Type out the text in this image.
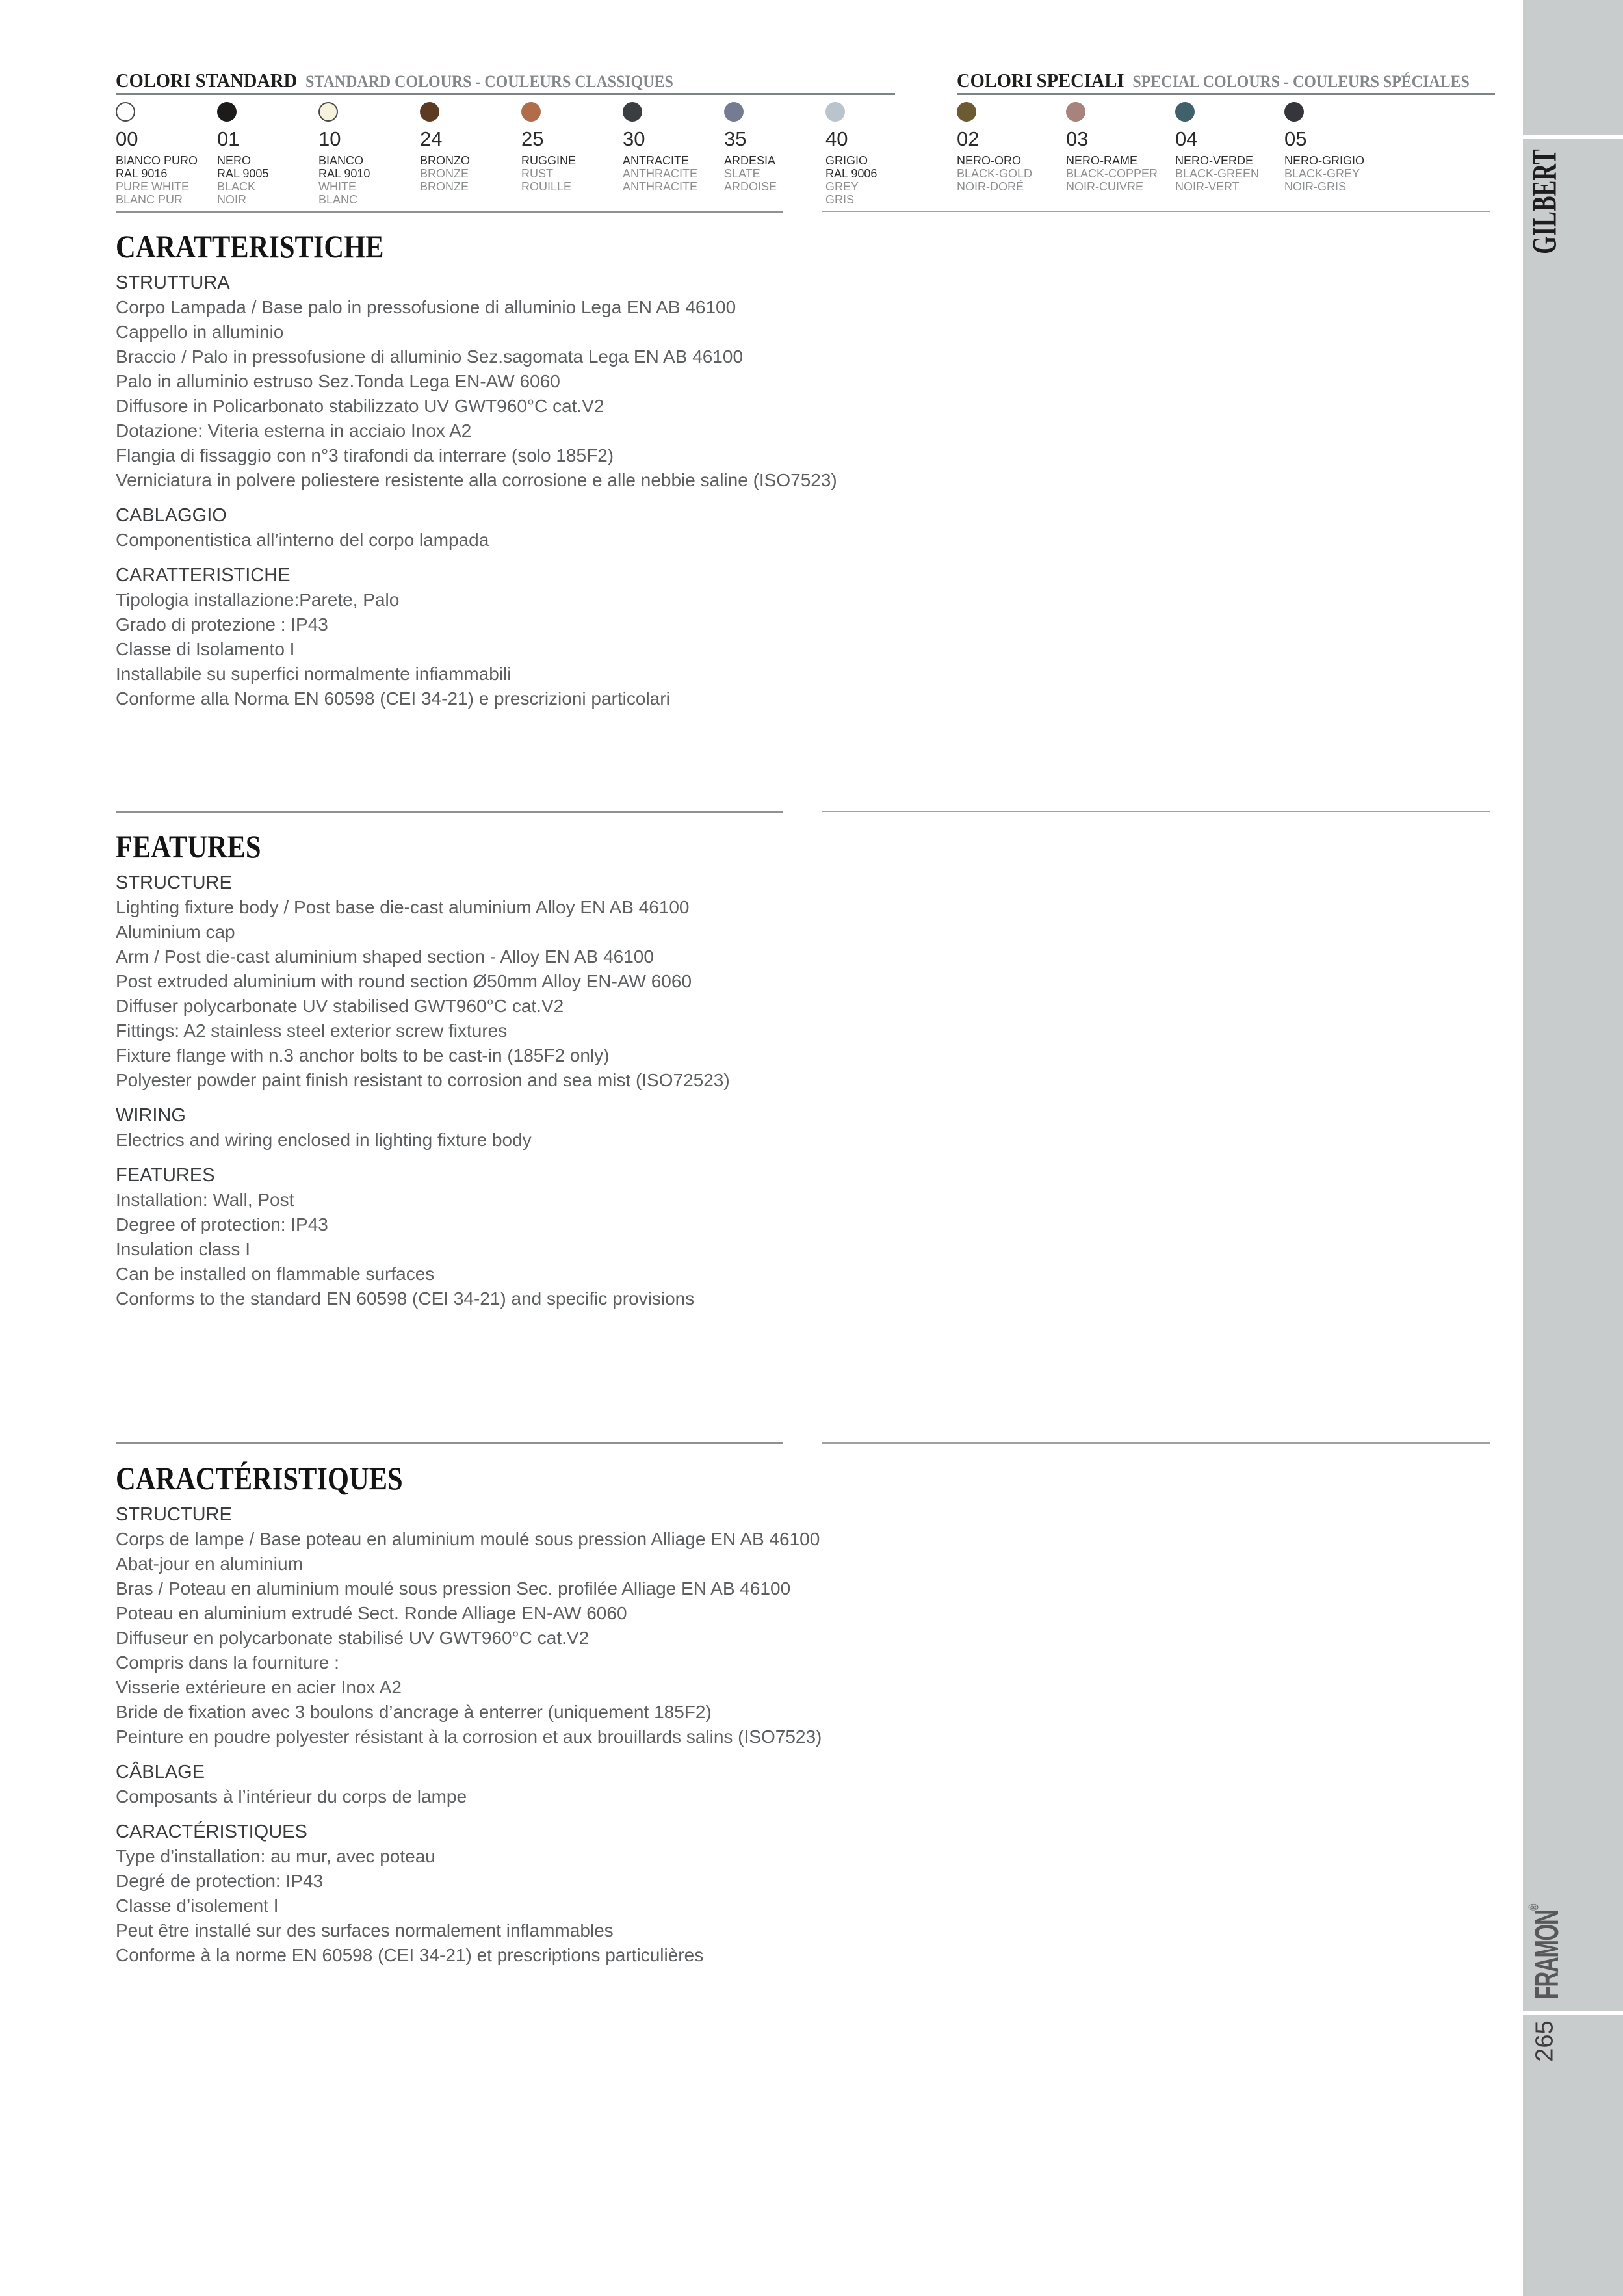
COLORI STANDARD STANDARD COLOURS - COULEURS CLASSIQUES	COLORI SPECIALI SPECIAL COLOURS - COULEURS SPÉCIALES
00
BIANCO PURO
RAL 9016
PURE WHITE
BLANC PUR
01
NERO
RAL 9005
BLACK
NOIR
10
BIANCO
RAL 9010
WHITE
BLANC
24
BRONZO
BRONZE
BRONZE
25
RUGGINE
RUST
ROUILLE
30
ANTRACITE
ANTHRACITE
ANTHRACITE
35
ARDESIA
SLATE
ARDOISE
40
GRIGIO
RAL 9006
GREY
GRIS
02
NERO-ORO
BLACK-GOLD
NOIR-DORÉ
03
NERO-RAME
BLACK-COPPER
NOIR-CUIVRE
04
NERO-VERDE
BLACK-GREEN
NOIR-VERT
05
NERO-GRIGIO
BLACK-GREY
NOIR-GRIS
CARATTERISTICHE
STRUTTURA
Corpo Lampada / Base palo in pressofusione di alluminio Lega EN AB 46100
Cappello in alluminio
Braccio / Palo in pressofusione di alluminio Sez.sagomata Lega EN AB 46100
Palo in alluminio estruso Sez.Tonda Lega EN-AW 6060
Diffusore in Policarbonato stabilizzato UV GWT960°C cat.V2
Dotazione: Viteria esterna in acciaio Inox A2
Flangia di fissaggio con n°3 tirafondi da interrare (solo 185F2)
Verniciatura in polvere poliestere resistente alla corrosione e alle nebbie saline (ISO7523)
CABLAGGIO
Componentistica all’interno del corpo lampada
CARATTERISTICHE
Tipologia installazione:Parete, Palo
Grado di protezione : IP43
Classe di Isolamento I
Installabile su superfici normalmente infiammabili
Conforme alla Norma EN 60598 (CEI 34-21) e prescrizioni particolari
FEATURES
STRUCTURE
Lighting fixture body / Post base die-cast aluminium Alloy EN AB 46100
Aluminium cap
Arm / Post die-cast aluminium shaped section - Alloy EN AB 46100
Post extruded aluminium with round section Ø50mm Alloy EN-AW 6060
Diffuser polycarbonate UV stabilised GWT960°C cat.V2
Fittings: A2 stainless steel exterior screw fixtures
Fixture flange with n.3 anchor bolts to be cast-in (185F2 only)
Polyester powder paint finish resistant to corrosion and sea mist (ISO72523)
WIRING
Electrics and wiring enclosed in lighting fixture body
FEATURES
Installation: Wall, Post
Degree of protection: IP43
Insulation class I
Can be installed on flammable surfaces
Conforms to the standard EN 60598 (CEI 34-21) and specific provisions
CARACTÉRISTIQUES
STRUCTURE
Corps de lampe / Base poteau en aluminium moulé sous pression Alliage EN AB 46100
Abat-jour en aluminium
Bras / Poteau en aluminium moulé sous pression Sec. profilée Alliage EN AB 46100
Poteau en aluminium extrudé Sect. Ronde Alliage EN-AW 6060
Diffuseur en polycarbonate stabilisé UV GWT960°C cat.V2
Compris dans la fourniture :
Visserie extérieure en acier Inox A2
Bride de fixation avec 3 boulons d’ancrage à enterrer (uniquement 185F2)
Peinture en poudre polyester résistant à la corrosion et aux brouillards salins (ISO7523)
CÂBLAGE
Composants à l’intérieur du corps de lampe
CARACTÉRISTIQUES
Type d’installation: au mur, avec poteau
Degré de protection: IP43
Classe d’isolement I
Peut être installé sur des surfaces normalement inflammables
Conforme à la norme EN 60598 (CEI 34-21) et prescriptions particulières
GILBERT
FRAMON®
265
